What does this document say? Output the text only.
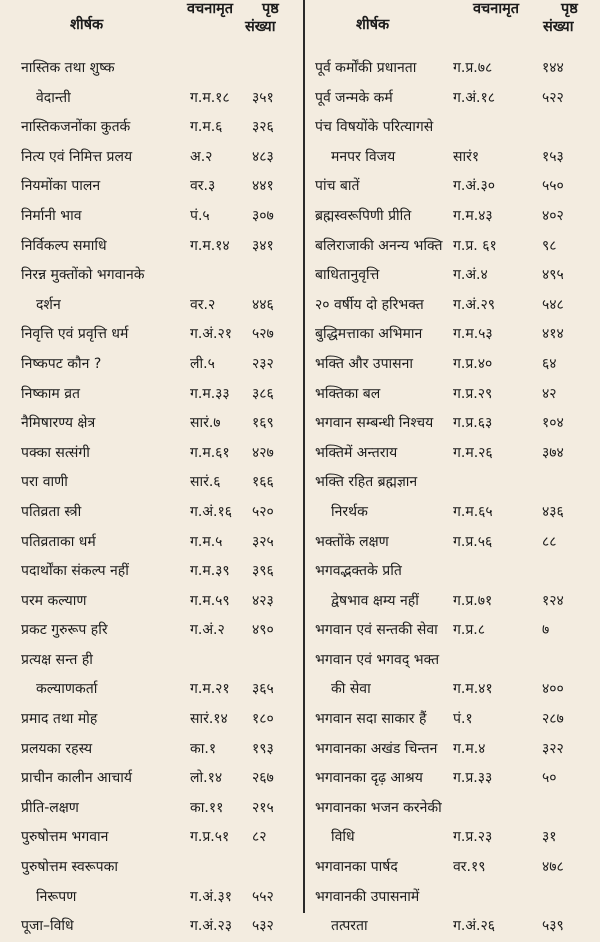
शीर्षक
वचनामृत पृष्ठ
संख्या
नास्तिक तथा शुष्क
वेदान्ती	ग.म.१८ ३५१
नास्तिकजनोंका कुतर्क	ग.म.६ ३२६
नित्य एवं निमित्त प्रलय	अ.२	४८३
नियमोंका पालन	वर.३	४४१
निर्मानी भाव	पं.५	३०७
निर्विकल्प समाधि	ग.म.१४ ३४१
निरन्न मुक्तोंको भगवानके
दर्शन	वर.२	४४६
निवृत्ति एवं प्रवृत्ति धर्म	ग.अं.२१ ५२७
निष्कपट कौन ?	ली.५	२३२
निष्काम व्रत	ग.म.३३ ३८६
नैमिषारण्य क्षेत्र	सारं.७ १६९
पक्का सत्संगी	ग.म.६१ ४२७
परा वाणी	सारं.६ १६६
पतिव्रता स्त्री	ग.अं.१६ ५२०
पतिव्रताका धर्म	ग.म.५ ३२५
पदार्थोंका संकल्प नहीं	ग.म.३९ ३९६
परम कल्याण	ग.म.५९ ४२३
प्रकट गुरुरूप हरि	ग.अं.२ ४९०
प्रत्यक्ष सन्त ही
कल्याणकर्ता	ग.म.२१ ३६५
प्रमाद तथा मोह	सारं.१४ १८०
प्रलयका रहस्य	का.१	१९३
प्राचीन कालीन आचार्य	लो.१४ २६७
प्रीति-लक्षण	का.११ २१५
पुरुषोत्तम भगवान	ग.प्र.५१ ८२
पुरुषोत्तम स्वरूपका
निरूपण	ग.अं.३१ ५५२
पूजा–विधि	ग.अं.२३ ५३२
शीर्षक
वचनामृत	पृष्ठ
संख्या
पूर्व कर्मोंकी प्रधानता	ग.प्र.७८	१४४
पूर्व जन्मके कर्म	ग.अं.१८	५२२
पंच विषयोंके परित्यागसे
मनपर विजय	सारं१	१५३
पांच बातें	ग.अं.३०	५५०
ब्रह्मस्वरूपिणी प्रीति	ग.म.४३	४०२
बलिराजाकी अनन्य भक्ति ग.प्र. ६१	९८
बाधितानुवृत्ति	ग.अं.४	४९५
२० वर्षीय दो हरिभक्त ग.अं.२९	५४८
बुद्धिमत्ताका अभिमान ग.म.५३	४१४
भक्ति और उपासना	ग.प्र.४०	६४
भक्तिका बल	ग.प्र.२९	४२
भगवान सम्बन्धी निश्चय ग.प्र.६३	१०४
भक्तिमें अन्तराय	ग.म.२६	३७४
भक्ति रहित ब्रह्मज्ञान
निरर्थक	ग.म.६५	४३६
भक्तोंके लक्षण	ग.प्र.५६	८८
भगवद्भक्तके प्रति
द्वेषभाव क्षम्य नहीं ग.प्र.७१	१२४
भगवान एवं सन्तकी सेवा ग.प्र.८	७
भगवान एवं भगवद् भक्त
की सेवा	ग.म.४१	४००
भगवान सदा साकार हैं पं.१	२८७
भगवानका अखंड चिन्तन ग.म.४	३२२
भगवानका दृढ़ आश्रय ग.प्र.३३	५०
भगवानका भजन करनेकी
विधि	ग.प्र.२३	३१
भगवानका पार्षद	वर.१९	४७८
भगवानकी उपासनामें
तत्परता	ग.अं.२६	५३९
